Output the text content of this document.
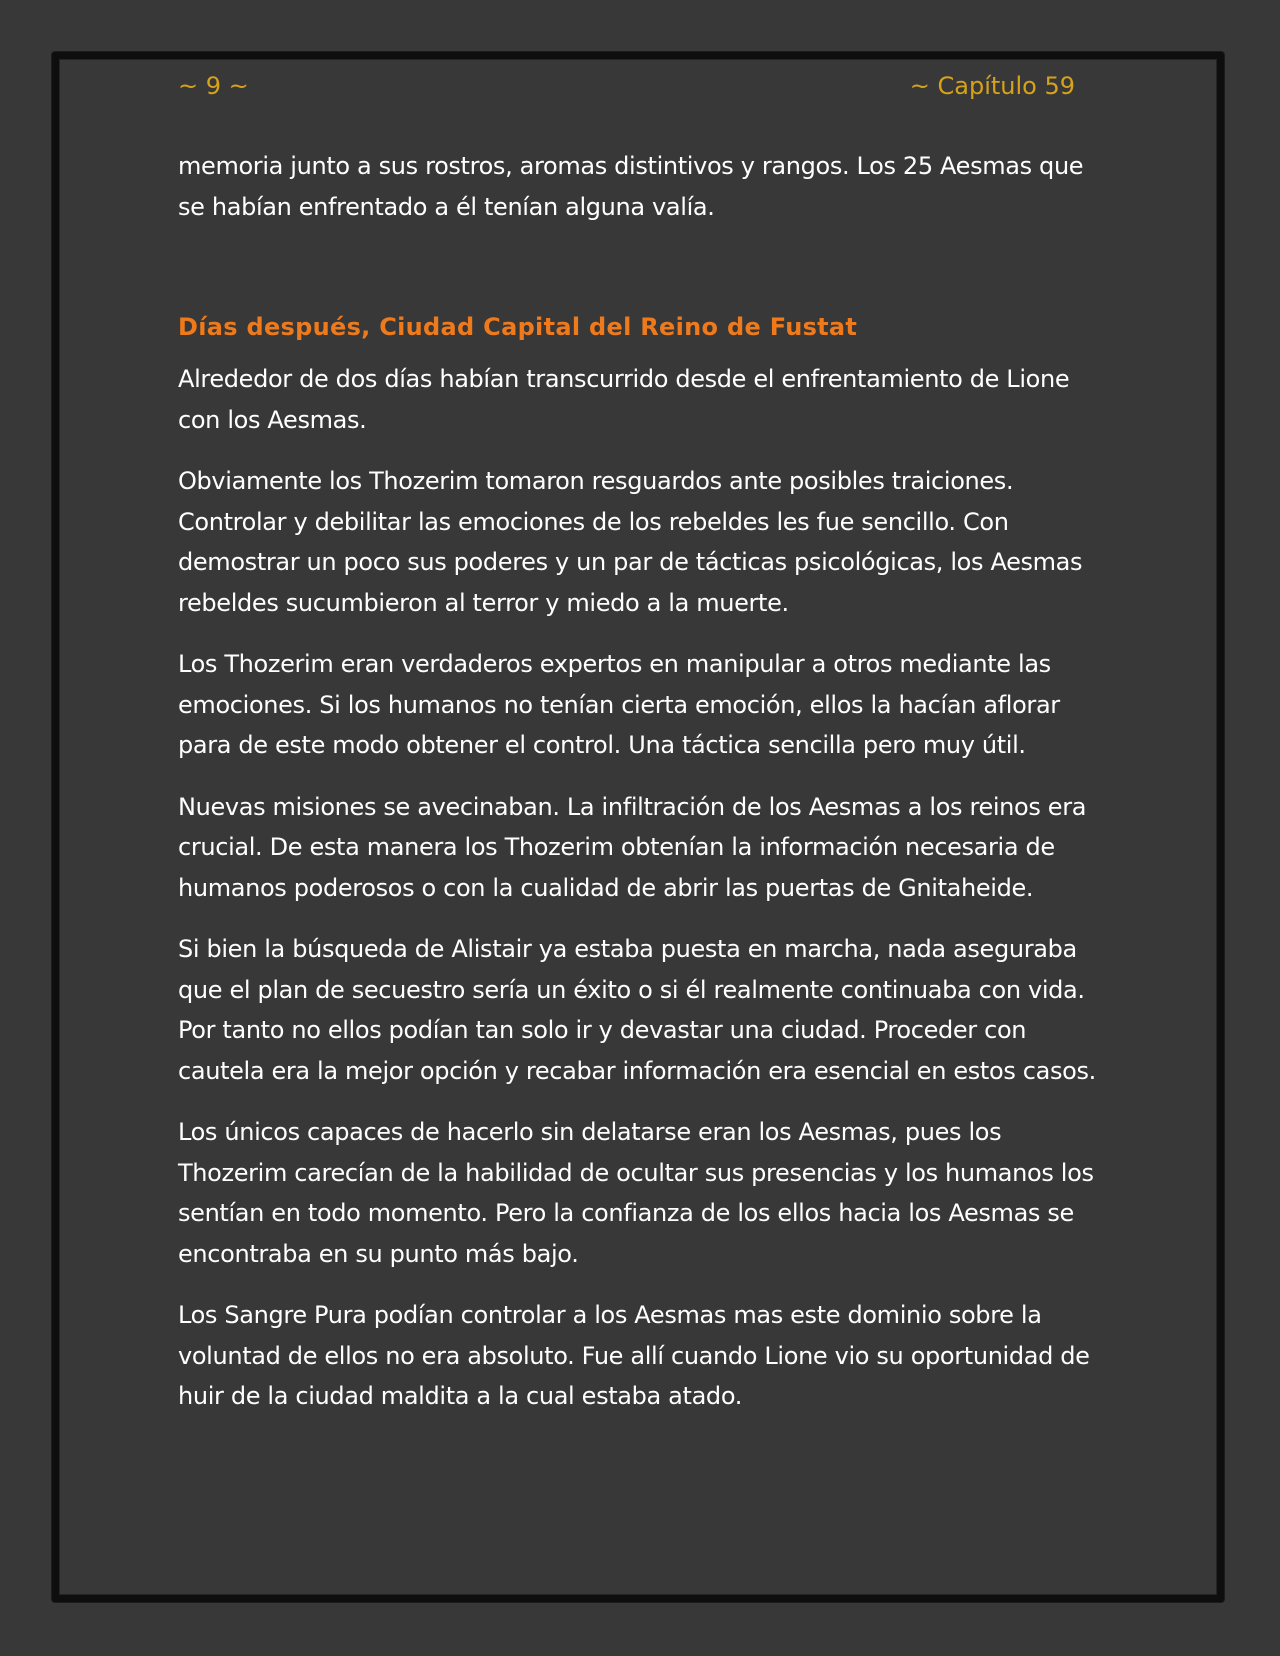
~ 9 ~	~ Capítulo 59

memoria junto a sus rostros, aromas distintivos y rangos. Los 25 Aesmas que se habían enfrentado a él tenían alguna valía.

Días después, Ciudad Capital del Reino de Fustat

Alrededor de dos días habían transcurrido desde el enfrentamiento de Lione con los Aesmas.

Obviamente los Thozerim tomaron resguardos ante posibles traiciones. Controlar y debilitar las emociones de los rebeldes les fue sencillo. Con demostrar un poco sus poderes y un par de tácticas psicológicas, los Aesmas rebeldes sucumbieron al terror y miedo a la muerte.

Los Thozerim eran verdaderos expertos en manipular a otros mediante las emociones. Si los humanos no tenían cierta emoción, ellos la hacían aflorar para de este modo obtener el control. Una táctica sencilla pero muy útil.

Nuevas misiones se avecinaban. La infiltración de los Aesmas a los reinos era crucial. De esta manera los Thozerim obtenían la información necesaria de humanos poderosos o con la cualidad de abrir las puertas de Gnitaheide.

Si bien la búsqueda de Alistair ya estaba puesta en marcha, nada aseguraba que el plan de secuestro sería un éxito o si él realmente continuaba con vida. Por tanto no ellos podían tan solo ir y devastar una ciudad. Proceder con cautela era la mejor opción y recabar información era esencial en estos casos.

Los únicos capaces de hacerlo sin delatarse eran los Aesmas, pues los Thozerim carecían de la habilidad de ocultar sus presencias y los humanos los sentían en todo momento. Pero la confianza de los ellos hacia los Aesmas se encontraba en su punto más bajo.

Los Sangre Pura podían controlar a los Aesmas mas este dominio sobre la voluntad de ellos no era absoluto. Fue allí cuando Lione vio su oportunidad de huir de la ciudad maldita a la cual estaba atado.
